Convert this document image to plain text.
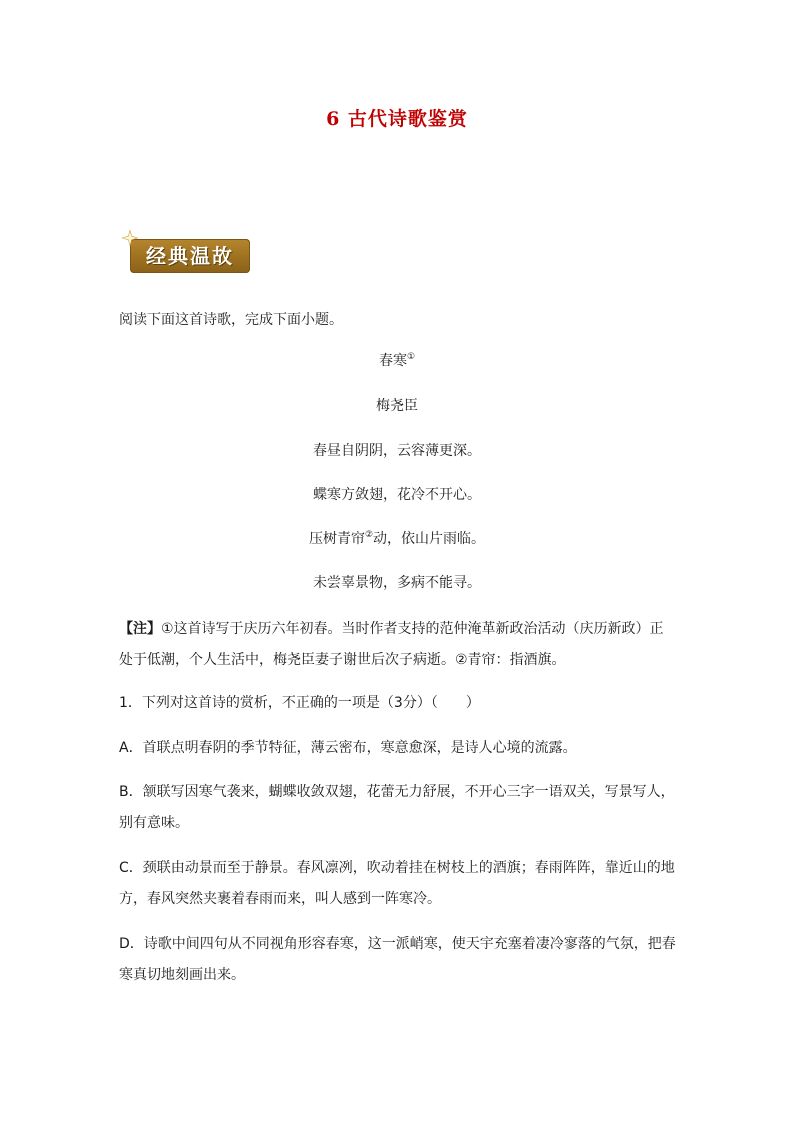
6 古代诗歌鉴赏
经典温故
阅读下面这首诗歌，完成下面小题。
春寒①
梅尧臣
春昼自阴阴，云容薄更深。
蝶寒方敛翅，花冷不开心。
压树青帘②动，依山片雨临。
未尝辜景物，多病不能寻。
【注】①这首诗写于庆历六年初春。当时作者支持的范仲淹革新政治活动（庆历新政）正处于低潮，个人生活中，梅尧臣妻子谢世后次子病逝。②青帘：指酒旗。
1．下列对这首诗的赏析，不正确的一项是（3分）（　　）
A．首联点明春阴的季节特征，薄云密布，寒意愈深，是诗人心境的流露。
B．颔联写因寒气袭来，蝴蝶收敛双翅，花蕾无力舒展，不开心三字一语双关，写景写人，别有意味。
C．颈联由动景而至于静景。春风凛冽，吹动着挂在树枝上的酒旗；春雨阵阵，靠近山的地方，春风突然夹裹着春雨而来，叫人感到一阵寒冷。
D．诗歌中间四句从不同视角形容春寒，这一派峭寒，使天宇充塞着凄冷寥落的气氛，把春寒真切地刻画出来。
